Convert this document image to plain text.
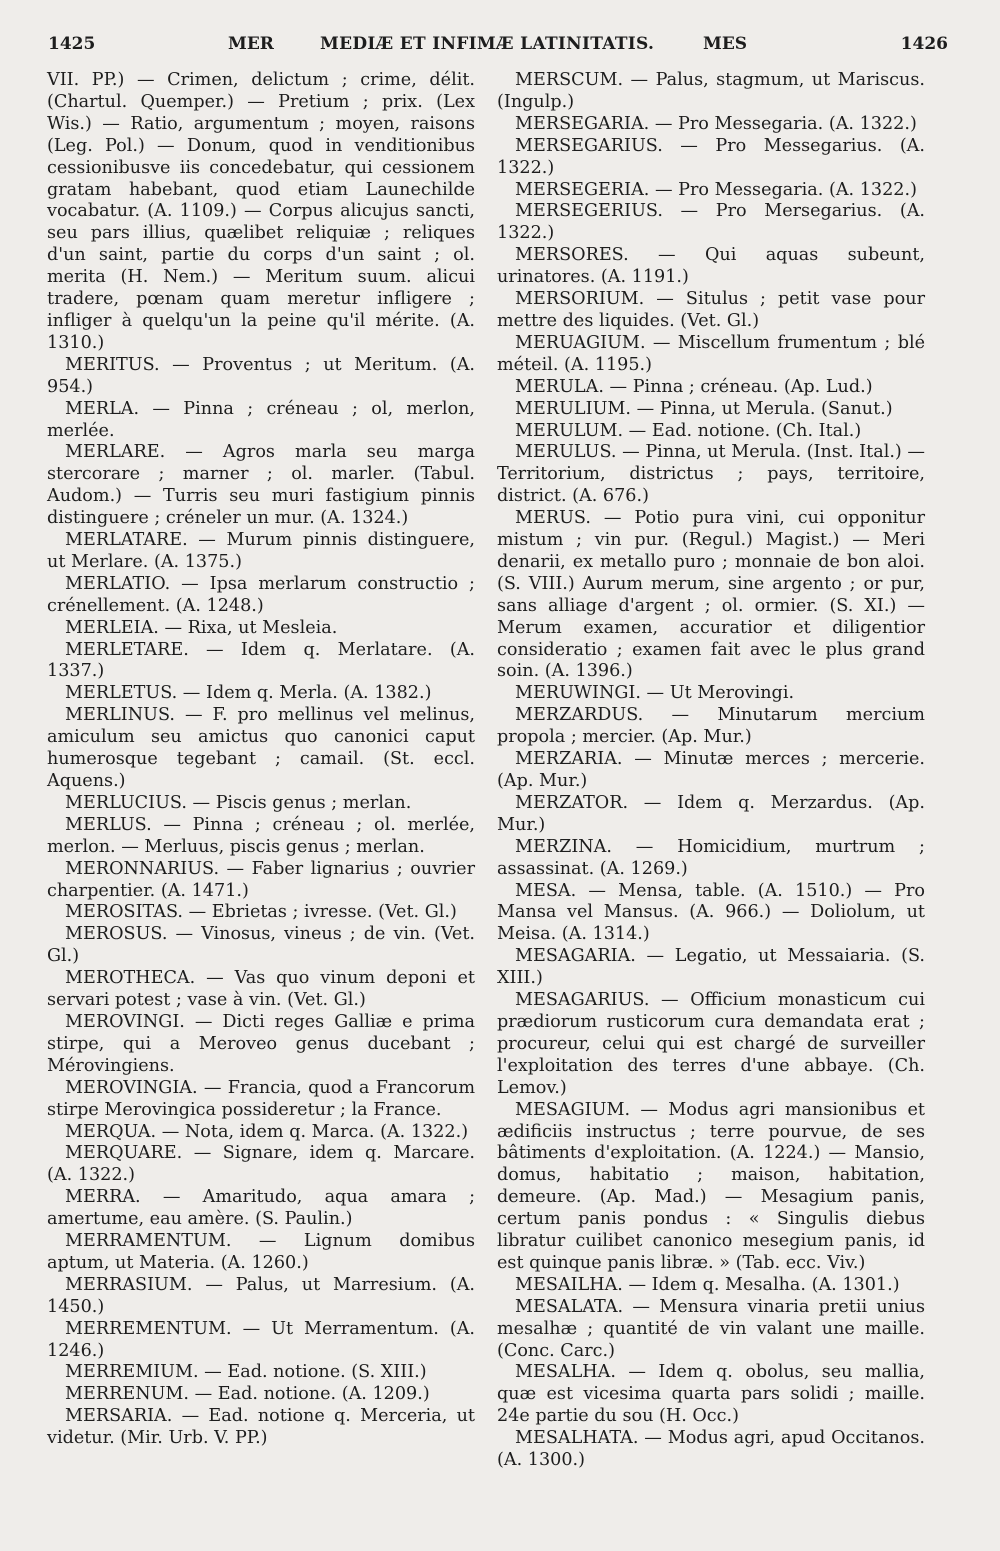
1425	MER	MEDIÆ ET INFIMÆ LATINITATIS.	MES	1426

VII. PP.) — Crimen, delictum ; crime, délit. (Chartul. Quemper.) — Pretium ; prix. (Lex Wis.) — Ratio, argumentum ; moyen, raisons (Leg. Pol.) — Donum, quod in venditionibus cessionibusve iis concedebatur, qui cessionem gratam habebant, quod etiam Launechilde vocabatur. (A. 1109.) — Corpus alicujus sancti, seu pars illius, quælibet reliquiæ ; reliques d'un saint, partie du corps d'un saint ; ol. merita (H. Nem.) — Meritum suum. alicui tradere, pœnam quam meretur infligere ; infliger à quelqu'un la peine qu'il mérite. (A. 1310.)

MERITUS. — Proventus ; ut Meritum. (A. 954.)

MERLA. — Pinna ; créneau ; ol, merlon, merlée.

MERLARE. — Agros marla seu marga stercorare ; marner ; ol. marler. (Tabul. Audom.) — Turris seu muri fastigium pinnis distinguere ; créneler un mur. (A. 1324.)

MERLATARE. — Murum pinnis distinguere, ut Merlare. (A. 1375.)

MERLATIO. — Ipsa merlarum constructio ; crénellement. (A. 1248.)

MERLEIA. — Rixa, ut Mesleia.

MERLETARE. — Idem q. Merlatare. (A. 1337.)

MERLETUS. — Idem q. Merla. (A. 1382.)

MERLINUS. — F. pro mellinus vel melinus, amiculum seu amictus quo canonici caput humerosque tegebant ; camail. (St. eccl. Aquens.)

MERLUCIUS. — Piscis genus ; merlan.

MERLUS. — Pinna ; créneau ; ol. merlée, merlon. — Merluus, piscis genus ; merlan.

MERONNARIUS. — Faber lignarius ; ouvrier charpentier. (A. 1471.)

MEROSITAS. — Ebrietas ; ivresse. (Vet. Gl.)

MEROSUS. — Vinosus, vineus ; de vin. (Vet. Gl.)

MEROTHECA. — Vas quo vinum deponi et servari potest ; vase à vin. (Vet. Gl.)

MEROVINGI. — Dicti reges Galliæ e prima stirpe, qui a Meroveo genus ducebant ; Mérovingiens.

MEROVINGIA. — Francia, quod a Francorum stirpe Merovingica possideretur ; la France.

MERQUA. — Nota, idem q. Marca. (A. 1322.)

MERQUARE. — Signare, idem q. Marcare. (A. 1322.)

MERRA. — Amaritudo, aqua amara ; amertume, eau amère. (S. Paulin.)

MERRAMENTUM. — Lignum domibus aptum, ut Materia. (A. 1260.)

MERRASIUM. — Palus, ut Marresium. (A. 1450.)

MERREMENTUM. — Ut Merramentum. (A. 1246.)

MERREMIUM. — Ead. notione. (S. XIII.)

MERRENUM. — Ead. notione. (A. 1209.)

MERSARIA. — Ead. notione q. Merceria, ut videtur. (Mir. Urb. V. PP.)

MERSCUM. — Palus, stagmum, ut Mariscus. (Ingulp.)

MERSEGARIA. — Pro Messegaria. (A. 1322.)

MERSEGARIUS. — Pro Messegarius. (A. 1322.)

MERSEGERIA. — Pro Messegaria. (A. 1322.)

MERSEGERIUS. — Pro Mersegarius. (A. 1322.)

MERSORES. — Qui aquas subeunt, urinatores. (A. 1191.)

MERSORIUM. — Situlus ; petit vase pour mettre des liquides. (Vet. Gl.)

MERUAGIUM. — Miscellum frumentum ; blé méteil. (A. 1195.)

MERULA. — Pinna ; créneau. (Ap. Lud.)

MERULIUM. — Pinna, ut Merula. (Sanut.)

MERULUM. — Ead. notione. (Ch. Ital.)

MERULUS. — Pinna, ut Merula. (Inst. Ital.) — Territorium, districtus ; pays, territoire, district. (A. 676.)

MERUS. — Potio pura vini, cui opponitur mistum ; vin pur. (Regul.) Magist.) — Meri denarii, ex metallo puro ; monnaie de bon aloi. (S. VIII.) Aurum merum, sine argento ; or pur, sans alliage d'argent ; ol. ormier. (S. XI.) — Merum examen, accuratior et diligentior consideratio ; examen fait avec le plus grand soin. (A. 1396.)

MERUWINGI. — Ut Merovingi.

MERZARDUS. — Minutarum mercium propola ; mercier. (Ap. Mur.)

MERZARIA. — Minutæ merces ; mercerie. (Ap. Mur.)

MERZATOR. — Idem q. Merzardus. (Ap. Mur.)

MERZINA. — Homicidium, murtrum ; assassinat. (A. 1269.)

MESA. — Mensa, table. (A. 1510.) — Pro Mansa vel Mansus. (A. 966.) — Doliolum, ut Meisa. (A. 1314.)

MESAGARIA. — Legatio, ut Messaiaria. (S. XIII.)

MESAGARIUS. — Officium monasticum cui prædiorum rusticorum cura demandata erat ; procureur, celui qui est chargé de surveiller l'exploitation des terres d'une abbaye. (Ch. Lemov.)

MESAGIUM. — Modus agri mansionibus et ædificiis instructus ; terre pourvue, de ses bâtiments d'exploitation. (A. 1224.) — Mansio, domus, habitatio ; maison, habitation, demeure. (Ap. Mad.) — Mesagium panis, certum panis pondus : « Singulis diebus libratur cuilibet canonico mesegium panis, id est quinque panis libræ. » (Tab. ecc. Viv.)

MESAILHA. — Idem q. Mesalha. (A. 1301.)

MESALATA. — Mensura vinaria pretii unius mesalhæ ; quantité de vin valant une maille. (Conc. Carc.)

MESALHA. — Idem q. obolus, seu mallia, quæ est vicesima quarta pars solidi ; maille. 24e partie du sou (H. Occ.)

MESALHATA. — Modus agri, apud Occitanos. (A. 1300.)
